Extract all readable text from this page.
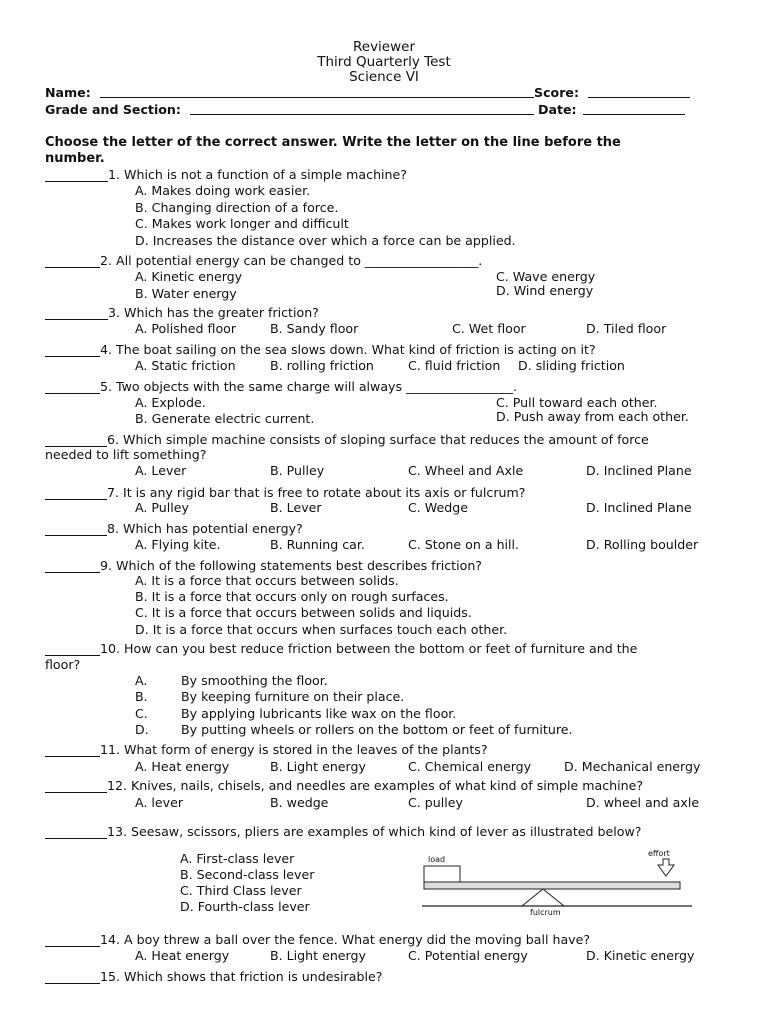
Reviewer
Third Quarterly Test
Science VI
Name:	Score:
Grade and Section:	Date:
Choose the letter of the correct answer. Write the letter on the line before the
number.
1. Which is not a function of a simple machine?
A. Makes doing work easier.
B. Changing direction of a force.
C. Makes work longer and difficult
D. Increases the distance over which a force can be applied.
2. All potential energy can be changed to __________________.
A. Kinetic energy
B. Water energy
C. Wave energy
D. Wind energy
3. Which has the greater friction?
A. Polished floor	B. Sandy floor	C. Wet floor	D. Tiled floor
4. The boat sailing on the sea slows down. What kind of friction is acting on it?
A. Static friction	B. rolling friction	C. fluid friction D. sliding friction
5. Two objects with the same charge will always _________________.
A. Explode.
B. Generate electric current.
C. Pull toward each other.
D. Push away from each other.
6. Which simple machine consists of sloping surface that reduces the amount of force
needed to lift something?
A. Lever	B. Pulley	C. Wheel and Axle	D. Inclined Plane
7. It is any rigid bar that is free to rotate about its axis or fulcrum?
A. Pulley	B. Lever	C. Wedge	D. Inclined Plane
8. Which has potential energy?
A. Flying kite.	B. Running car.	C. Stone on a hill.	D. Rolling boulder
9. Which of the following statements best describes friction?
A. It is a force that occurs between solids.
B. It is a force that occurs only on rough surfaces.
C. It is a force that occurs between solids and liquids.
D. It is a force that occurs when surfaces touch each other.
10. How can you best reduce friction between the bottom or feet of furniture and the
floor?
A.	By smoothing the floor.
B.	By keeping furniture on their place.
C.	By applying lubricants like wax on the floor.
D.	By putting wheels or rollers on the bottom or feet of furniture.
11. What form of energy is stored in the leaves of the plants?
A. Heat energy	B. Light energy	C. Chemical energy	D. Mechanical energy
12. Knives, nails, chisels, and needles are examples of what kind of simple machine?
A. lever	B. wedge	C. pulley	D. wheel and axle
13. Seesaw, scissors, pliers are examples of which kind of lever as illustrated below?
A. First-class lever
B. Second-class lever
C. Third Class lever
D. Fourth-class lever
load
effort
fulcrum
14. A boy threw a ball over the fence. What energy did the moving ball have?
A. Heat energy	B. Light energy	C. Potential energy	D. Kinetic energy
15. Which shows that friction is undesirable?
